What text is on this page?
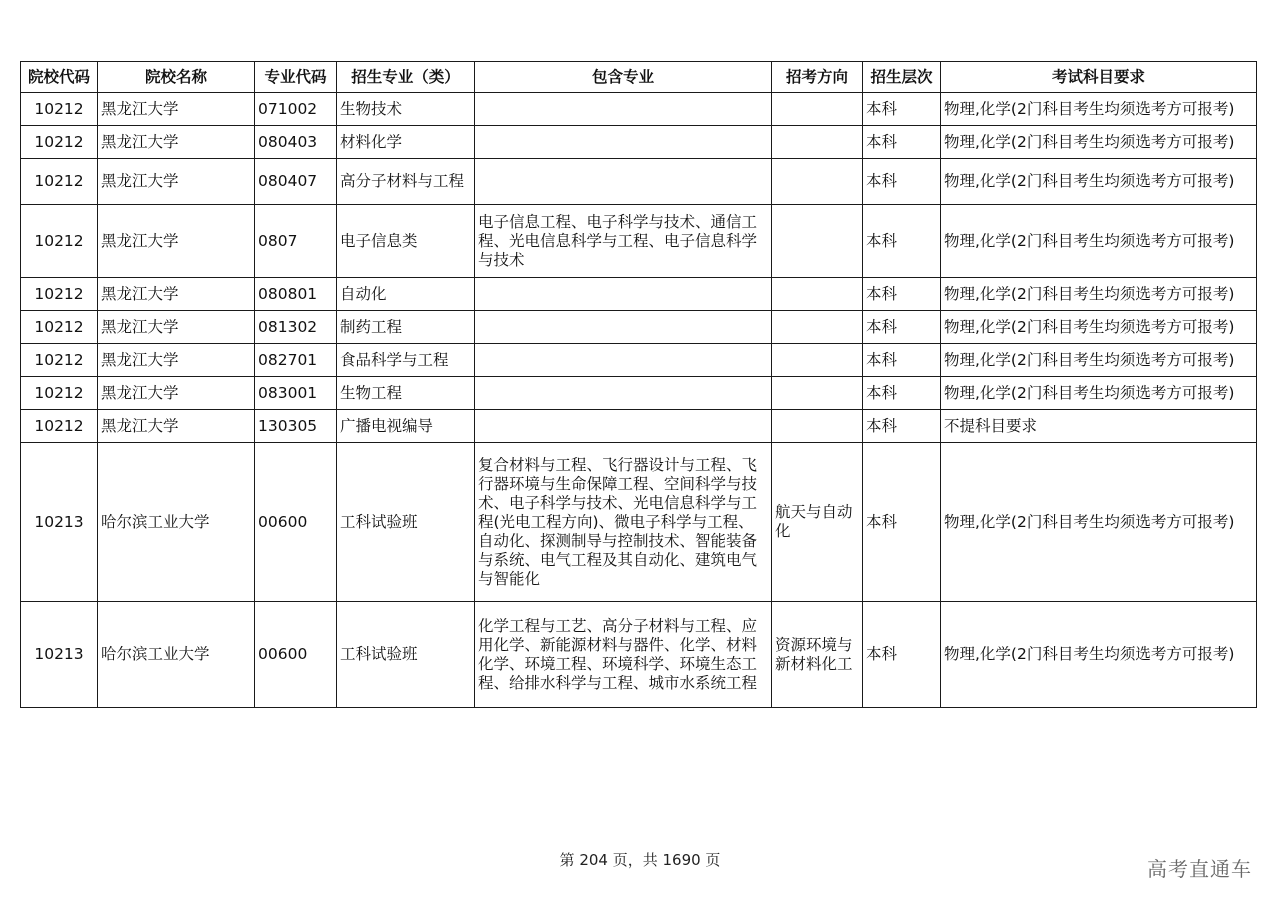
院校代码	院校名称	专业代码	招生专业（类）	包含专业	招考方向	招生层次	考试科目要求
10212	黑龙江大学	071002	生物技术			本科	物理,化学(2门科目考生均须选考方可报考)
10212	黑龙江大学	080403	材料化学			本科	物理,化学(2门科目考生均须选考方可报考)
10212	黑龙江大学	080407	高分子材料与工程			本科	物理,化学(2门科目考生均须选考方可报考)
10212	黑龙江大学	0807	电子信息类	电子信息工程、电子科学与技术、通信工程、光电信息科学与工程、电子信息科学与技术		本科	物理,化学(2门科目考生均须选考方可报考)
10212	黑龙江大学	080801	自动化			本科	物理,化学(2门科目考生均须选考方可报考)
10212	黑龙江大学	081302	制药工程			本科	物理,化学(2门科目考生均须选考方可报考)
10212	黑龙江大学	082701	食品科学与工程			本科	物理,化学(2门科目考生均须选考方可报考)
10212	黑龙江大学	083001	生物工程			本科	物理,化学(2门科目考生均须选考方可报考)
10212	黑龙江大学	130305	广播电视编导			本科	不提科目要求
10213	哈尔滨工业大学	00600	工科试验班	复合材料与工程、飞行器设计与工程、飞行器环境与生命保障工程、空间科学与技术、电子科学与技术、光电信息科学与工程(光电工程方向)、微电子科学与工程、自动化、探测制导与控制技术、智能装备与系统、电气工程及其自动化、建筑电气与智能化	航天与自动化	本科	物理,化学(2门科目考生均须选考方可报考)
10213	哈尔滨工业大学	00600	工科试验班	化学工程与工艺、高分子材料与工程、应用化学、新能源材料与器件、化学、材料化学、环境工程、环境科学、环境生态工程、给排水科学与工程、城市水系统工程	资源环境与新材料化工	本科	物理,化学(2门科目考生均须选考方可报考)
第 204 页，共 1690 页	高考直通车
